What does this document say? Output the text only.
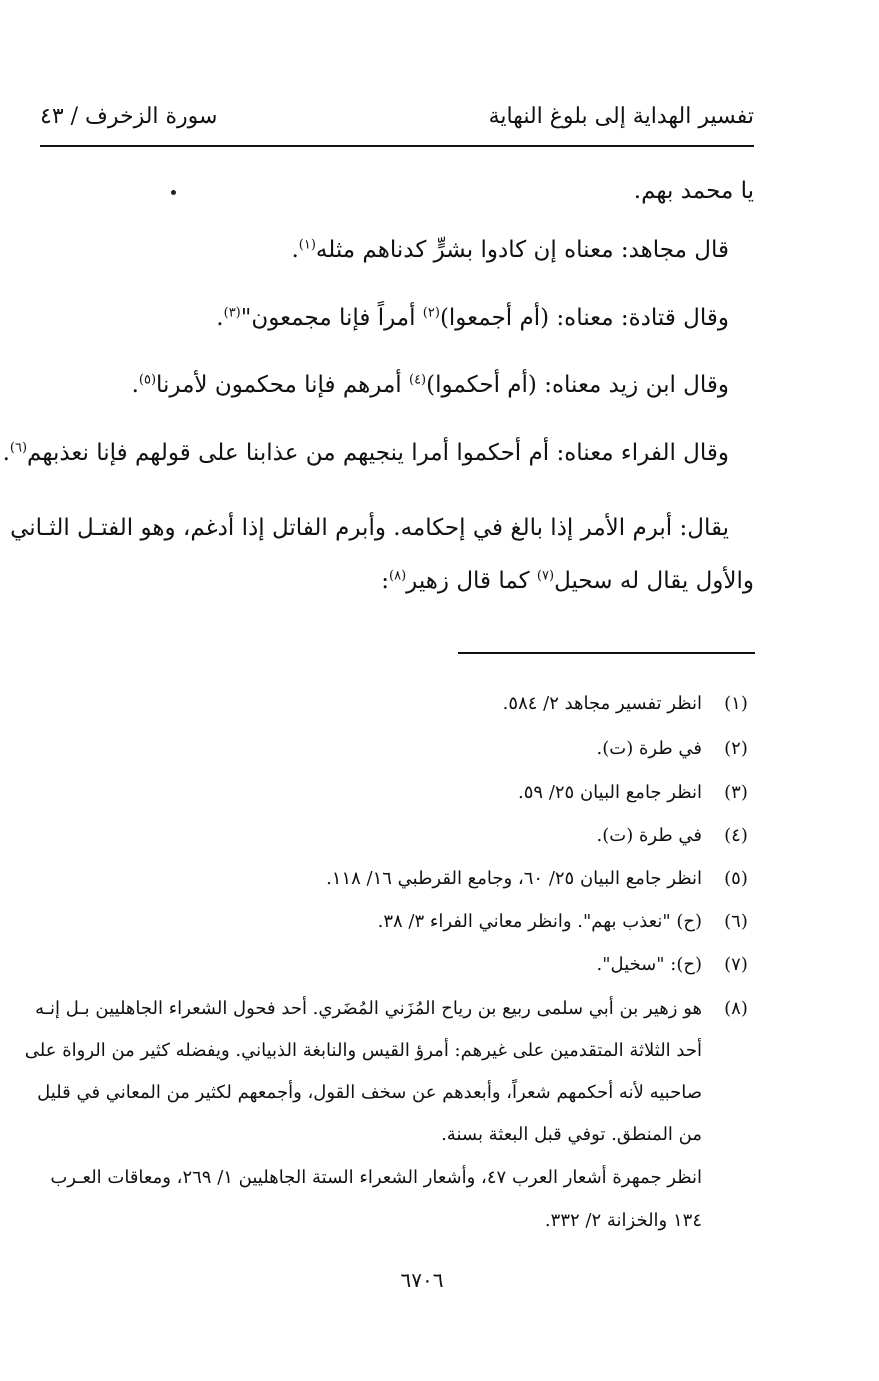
تفسير الهداية إلى بلوغ النهاية
سورة الزخرف / ٤٣
يا محمد بهم.
قال مجاهد: معناه إن كادوا بشرٍّ كدناهم مثله$^{(١)}$.
وقال قتادة: معناه: (أم أجمعوا)$^{(٢)}$ أمراً فإنا مجمعون"$^{(٣)}$.
وقال ابن زيد معناه: (أم أحكموا)$^{(٤)}$ أمرهم فإنا محكمون لأمرنا$^{(٥)}$.
وقال الفراء معناه: أم أحكموا أمرا ينجيهم من عذابنا على قولهم فإنا نعذبهم$^{(٦)}$.
يقال: أبرم الأمر إذا بالغ في إحكامه. وأبرم الفاتل إذا أدغم، وهو الفتـل الثـاني
والأول يقال له سحيل$^{(٧)}$ كما قال زهير$^{(٨)}$:
(١)
انظر تفسير مجاهد ٢/ ٥٨٤.
(٢)
في طرة (ت).
(٣)
انظر جامع البيان ٢٥/ ٥٩.
(٤)
في طرة (ت).
(٥)
انظر جامع البيان ٢٥/ ٦٠، وجامع القرطبي ١٦/ ١١٨.
(٦)
(ح) "نعذب بهم". وانظر معاني الفراء ٣/ ٣٨.
(٧)
(ح): "سخيل".
(٨)
هو زهير بن أبي سلمى ربيع بن رياح المُزَني المُضَري. أحد فحول الشعراء الجاهليين بـل إنـه
أحد الثلاثة المتقدمين على غيرهم: أمرؤ القيس والنابغة الذبياني. ويفضله كثير من الرواة على
صاحبيه لأنه أحكمهم شعراً، وأبعدهم عن سخف القول، وأجمعهم لكثير من المعاني في قليل
من المنطق. توفي قبل البعثة بسنة.
انظر جمهرة أشعار العرب ٤٧، وأشعار الشعراء الستة الجاهليين ١/ ٢٦٩، ومعاقات العـرب
١٣٤ والخزانة ٢/ ٣٣٢.
٦٧٠٦
